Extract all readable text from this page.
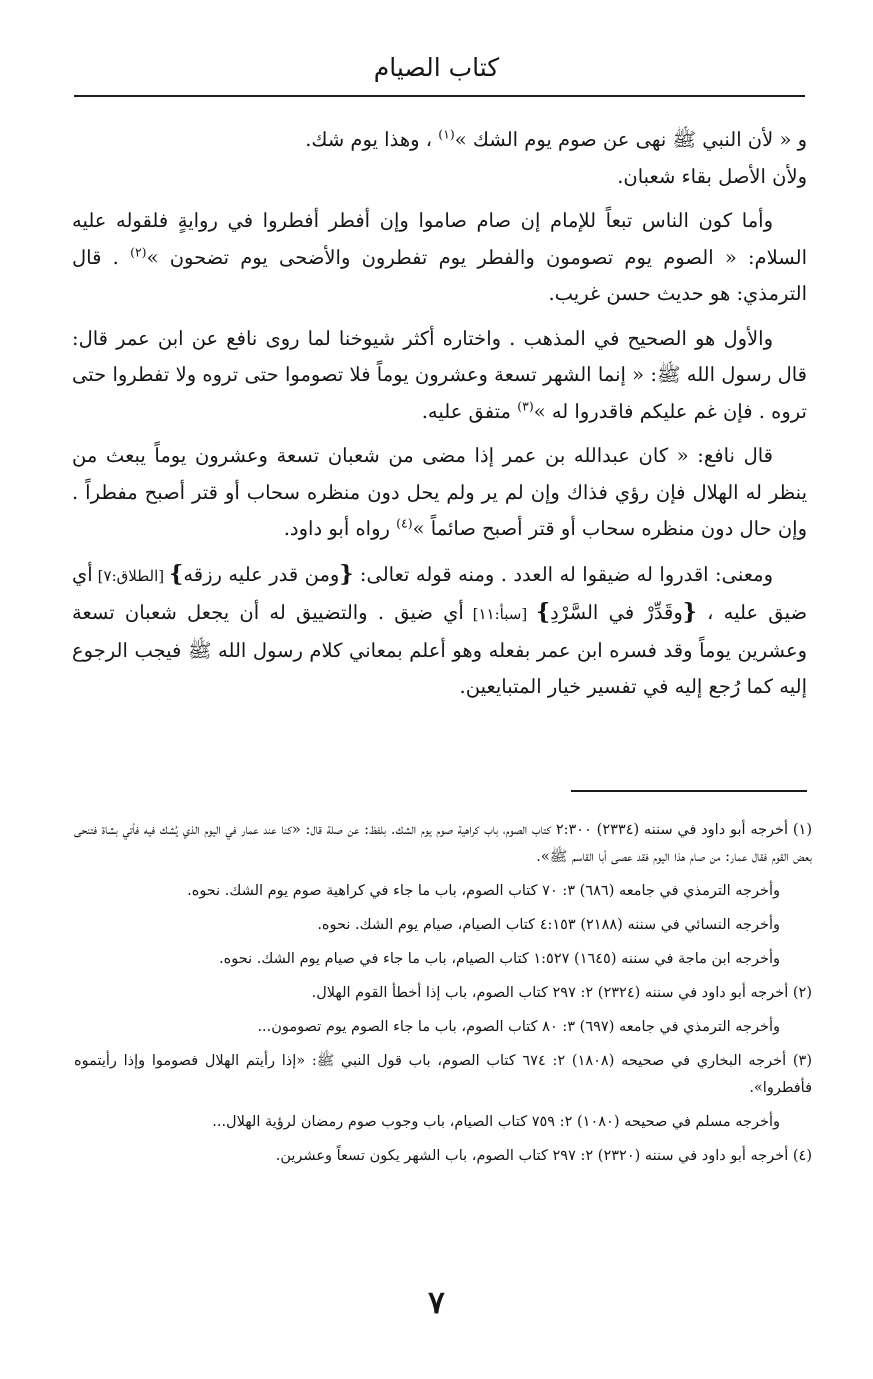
كتاب الصيام

و « لأن النبي ﷺ نهى عن صوم يوم الشك »$^{(١)}$ ، وهذا يوم شك.

ولأن الأصل بقاء شعبان.

وأما كون الناس تبعاً للإمام إن صام صاموا وإن أفطر أفطروا في روايةٍ فلقوله عليه السلام: « الصوم يوم تصومون والفطر يوم تفطرون والأضحى يوم تضحون »$^{(٢)}$ . قال الترمذي: هو حديث حسن غريب.

والأول هو الصحيح في المذهب . واختاره أكثر شيوخنا لما روى نافع عن ابن عمر قال: قال رسول الله ﷺ: « إنما الشهر تسعة وعشرون يوماً فلا تصوموا حتى تروه ولا تفطروا حتى تروه . فإن غم عليكم فاقدروا له »$^{(٣)}$ متفق عليه.

قال نافع: « كان عبدالله بن عمر إذا مضى من شعبان تسعة وعشرون يوماً يبعث من ينظر له الهلال فإن رؤي فذاك وإن لم ير ولم يحل دون منظره سحاب أو قتر أصبح مفطراً . وإن حال دون منظره سحاب أو قتر أصبح صائماً »$^{(٤)}$ رواه أبو داود.

ومعنى: اقدروا له ضيقوا له العدد . ومنه قوله تعالى: {ومن قدر عليه رزقه} [الطلاق:٧] أي ضيق عليه ، {وقَدِّرْ في السَّرْدِ} [سبأ:١١] أي ضيق . والتضييق له أن يجعل شعبان تسعة وعشرين يوماً وقد فسره ابن عمر بفعله وهو أعلم بمعاني كلام رسول الله ﷺ فيجب الرجوع إليه كما رُجع إليه في تفسير خيار المتبايعين.

(١) أخرجه أبو داود في سننه (٢٣٣٤) ٢:٣٠٠ كتاب الصوم، باب كراهية صوم يوم الشك. بلفظ: عن صلة قال: «كنا عند عمار في اليوم الذي يُشك فيه فأتي بشاة فتنحى بعض القوم فقال عمار: من صام هذا اليوم فقد عصى أبا القاسم ﷺ».

وأخرجه الترمذي في جامعه (٦٨٦) ٣: ٧٠ كتاب الصوم، باب ما جاء في كراهية صوم يوم الشك. نحوه.

وأخرجه النسائي في سننه (٢١٨٨) ٤:١٥٣ كتاب الصيام، صيام يوم الشك. نحوه.

وأخرجه ابن ماجة في سننه (١٦٤٥) ١:٥٢٧ كتاب الصيام، باب ما جاء في صيام يوم الشك. نحوه.

(٢) أخرجه أبو داود في سننه (٢٣٢٤) ٢: ٢٩٧ كتاب الصوم، باب إذا أخطأ القوم الهلال.

وأخرجه الترمذي في جامعه (٦٩٧) ٣: ٨٠ كتاب الصوم، باب ما جاء الصوم يوم تصومون...

(٣) أخرجه البخاري في صحيحه (١٨٠٨) ٢: ٦٧٤ كتاب الصوم، باب قول النبي ﷺ: «إذا رأيتم الهلال فصوموا وإذا رأيتموه فأفطروا».

وأخرجه مسلم في صحيحه (١٠٨٠) ٢: ٧٥٩ كتاب الصيام، باب وجوب صوم رمضان لرؤية الهلال...

(٤) أخرجه أبو داود في سننه (٢٣٢٠) ٢: ٢٩٧ كتاب الصوم، باب الشهر يكون تسعاً وعشرين.

٧
